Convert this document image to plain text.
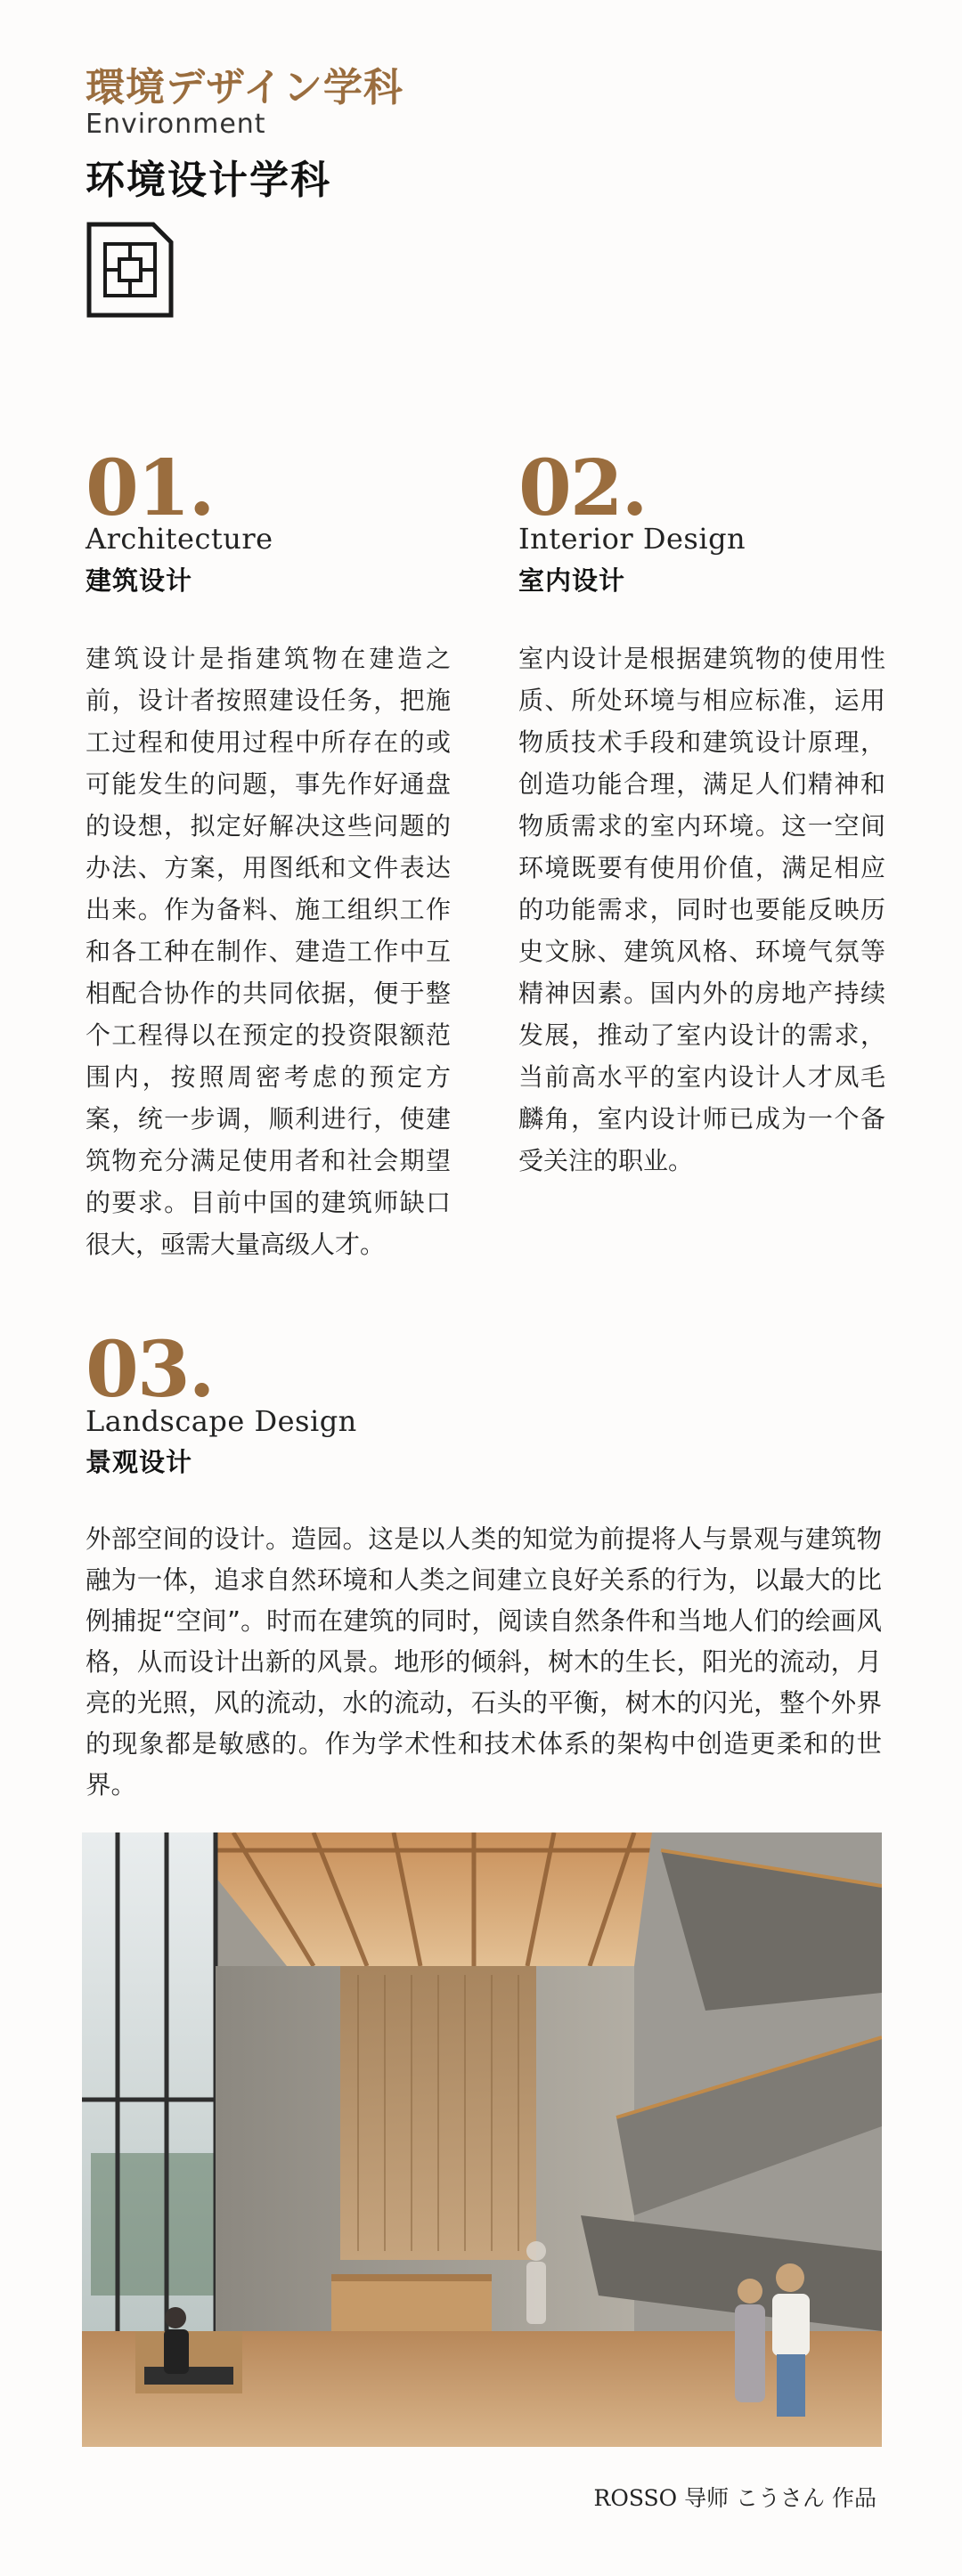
環境デザイン学科
Environment
环境设计学科
01.
Architecture
建筑设计
建筑设计是指建筑物在建造之前，设计者按照建设任务，把施工过程和使用过程中所存在的或可能发生的问题，事先作好通盘的设想，拟定好解决这些问题的办法、方案，用图纸和文件表达出来。作为备料、施工组织工作和各工种在制作、建造工作中互相配合协作的共同依据，便于整个工程得以在预定的投资限额范围内，按照周密考虑的预定方案，统一步调，顺利进行，使建筑物充分满足使用者和社会期望的要求。目前中国的建筑师缺口很大，亟需大量高级人才。
02.
Interior Design
室内设计
室内设计是根据建筑物的使用性质、所处环境与相应标准，运用物质技术手段和建筑设计原理，创造功能合理，满足人们精神和物质需求的室内环境。这一空间环境既要有使用价值，满足相应的功能需求，同时也要能反映历史文脉、建筑风格、环境气氛等精神因素。国内外的房地产持续发展，推动了室内设计的需求，当前高水平的室内设计人才凤毛麟角，室内设计师已成为一个备受关注的职业。
03.
Landscape Design
景观设计
外部空间的设计。造园。这是以人类的知觉为前提将人与景观与建筑物融为一体，追求自然环境和人类之间建立良好关系的行为，以最大的比例捕捉“空间”。时而在建筑的同时，阅读自然条件和当地人们的绘画风格，从而设计出新的风景。地形的倾斜，树木的生长，阳光的流动，月亮的光照，风的流动，水的流动，石头的平衡，树木的闪光，整个外界的现象都是敏感的。作为学术性和技术体系的架构中创造更柔和的世界。
ROSSO 导师 こうさん 作品
